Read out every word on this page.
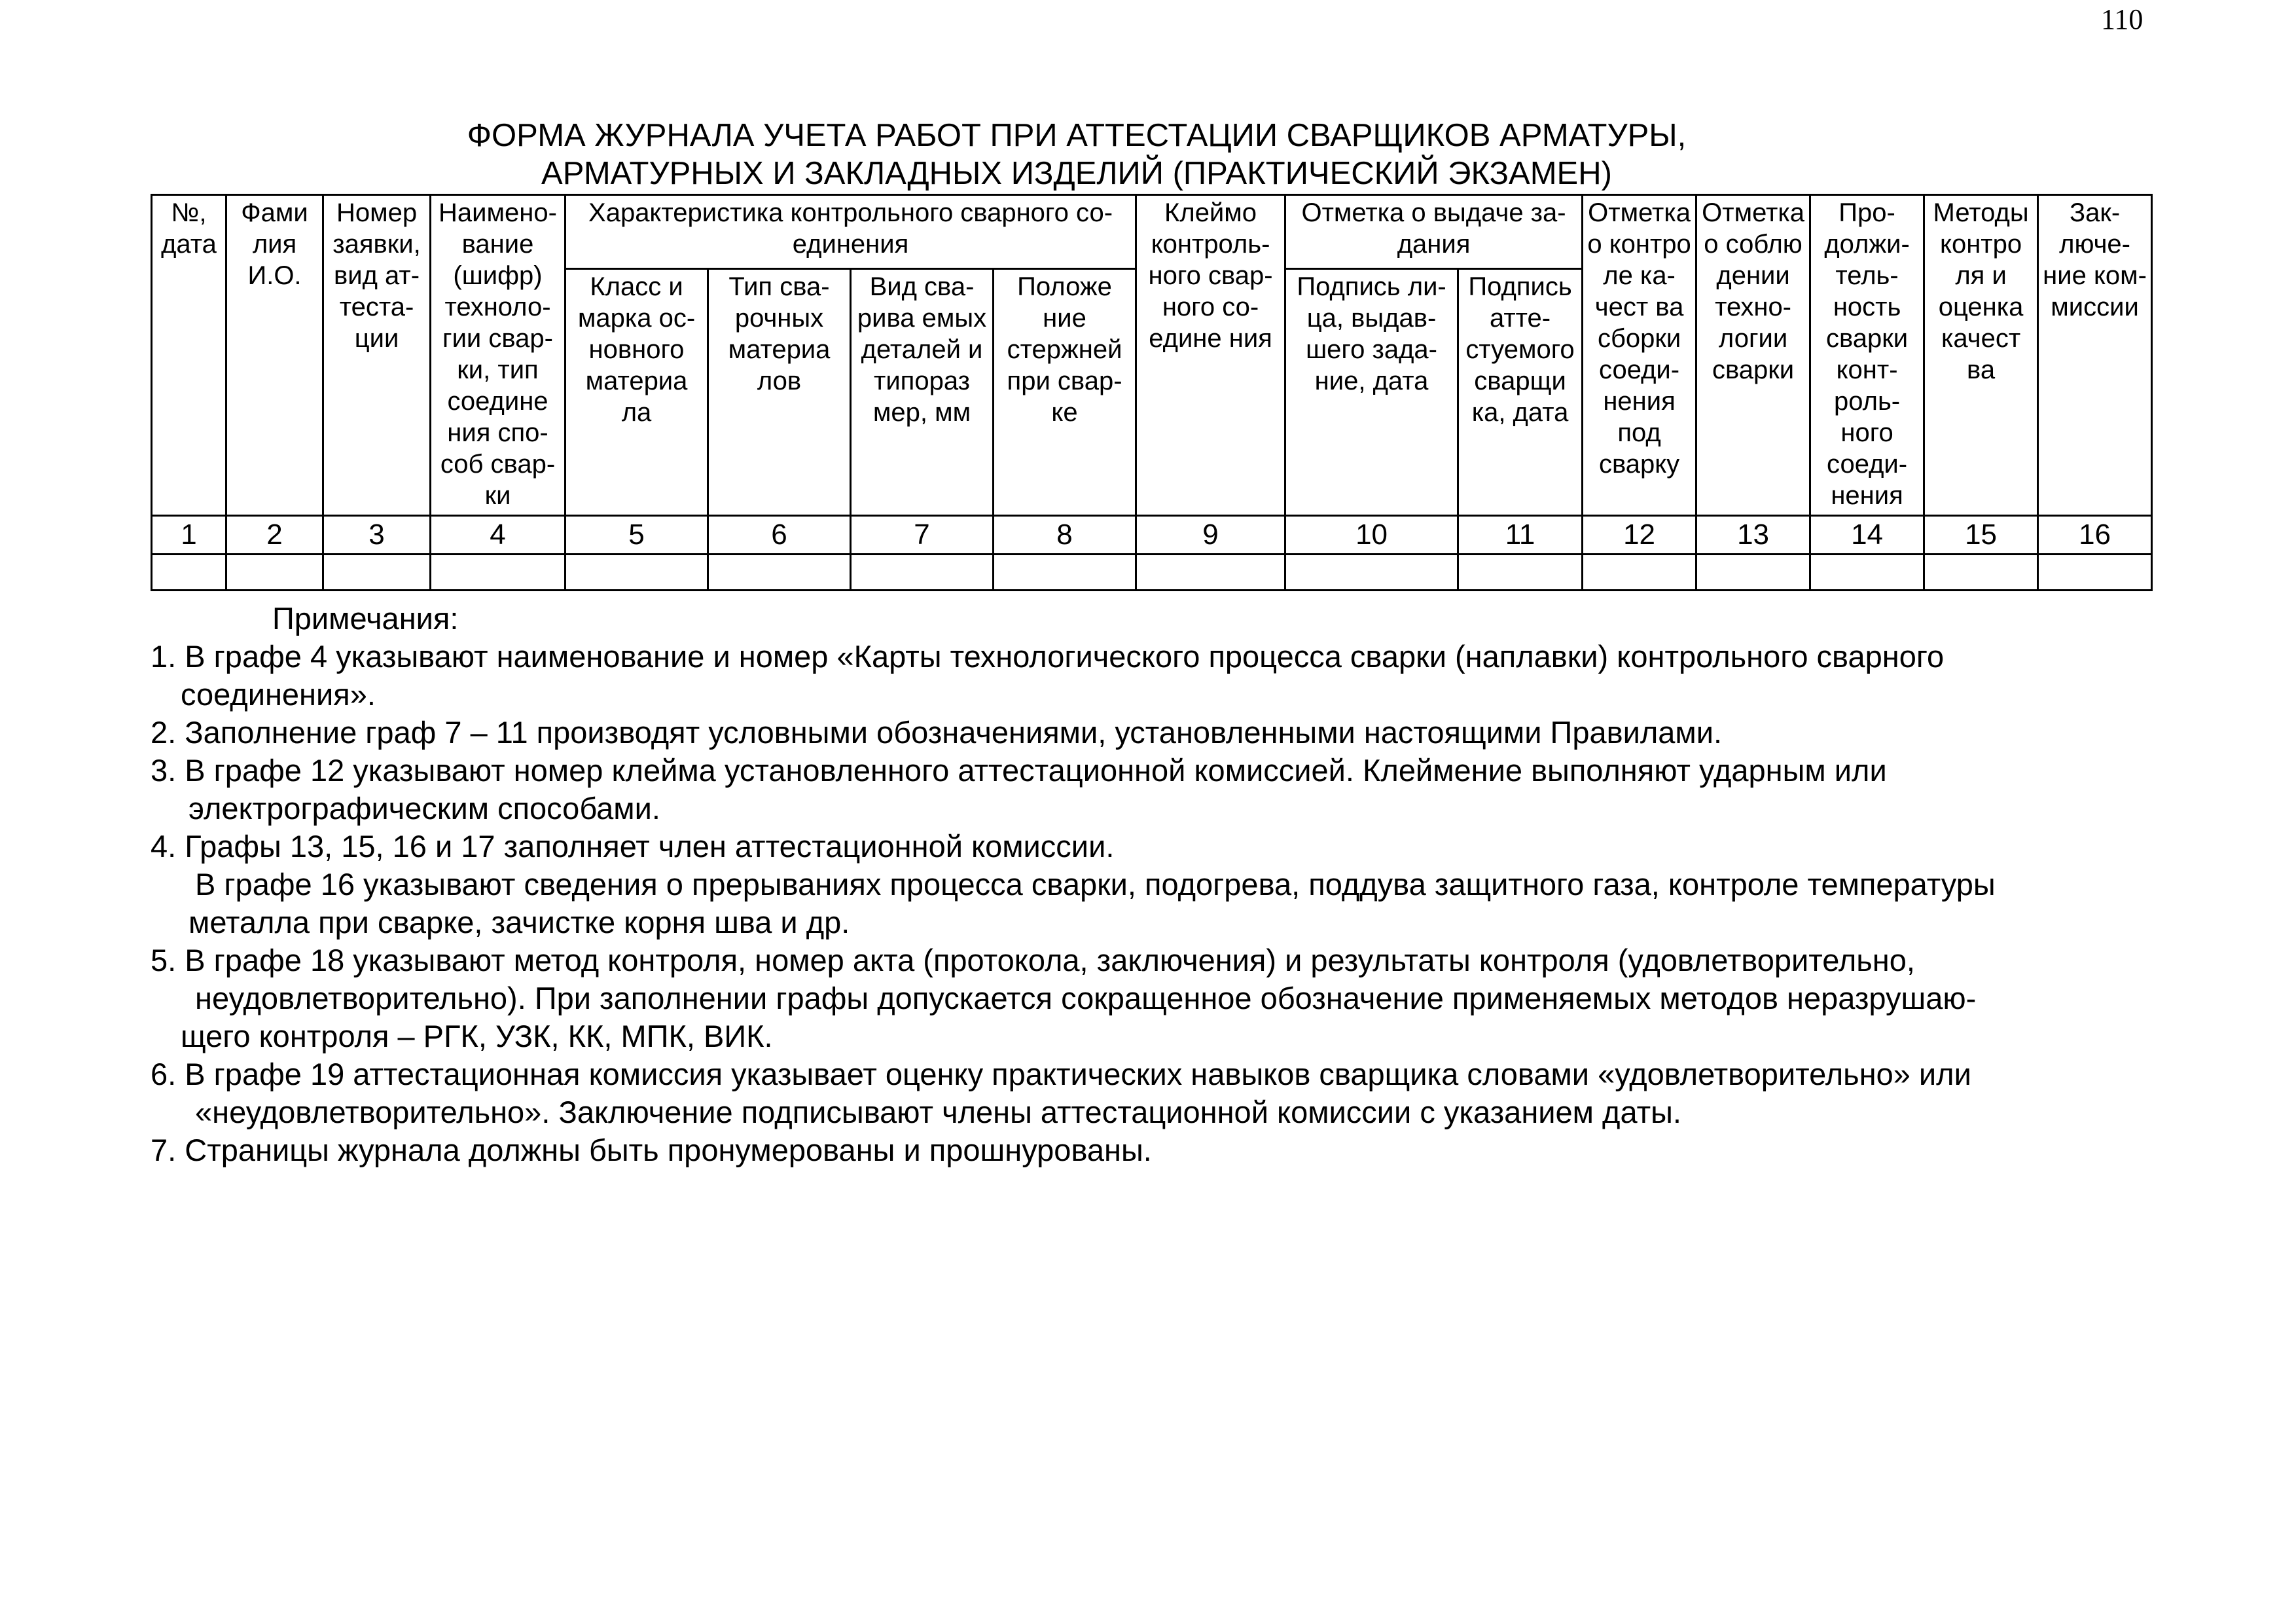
110
ФОРМА ЖУРНАЛА УЧЕТА РАБОТ ПРИ АТТЕСТАЦИИ СВАРЩИКОВ АРМАТУРЫ,
АРМАТУРНЫХ И ЗАКЛАДНЫХ ИЗДЕЛИЙ (ПРАКТИЧЕСКИЙ ЭКЗАМЕН)
№, дата	Фами лия И.О.	Номер заявки, вид ат-теста-ции	Наимено-вание (шифр) техноло-гии свар-ки, тип соедине ния спо-соб свар-ки	Характеристика контрольного сварного со-единения				Клеймо контроль-ного свар-ного со-едине ния	Отметка о выдаче за-дания		Отметка о контро ле ка-чест ва сборки соеди-нения под сварку	Отметка о соблю дении техно-логии сварки	Про-должи-тель-ность сварки конт-роль-ного соеди-нения	Методы контро ля и оценка качест ва	Зак-люче-ние ком-миссии
				Класс и марка ос-новного материа ла	Тип сва-рочных материа лов	Вид сва-рива емых деталей и типораз мер, мм	Положе ние стержней при свар-ке		Подпись ли-ца, выдав-шего зада-ние, дата	Подпись атте-стуемого сварщи ка, дата					
1	2	3	4	5	6	7	8	9	10	11	12	13	14	15	16

Примечания:
1. В графе 4 указывают наименование и номер «Карты технологического процесса сварки (наплавки) контрольного сварного
соединения».
2. Заполнение граф 7 – 11 производят условными обозначениями, установленными настоящими Правилами.
3. В графе 12 указывают номер клейма установленного аттестационной комиссией. Клеймение выполняют ударным или
электрографическим способами.
4. Графы 13, 15, 16 и 17 заполняет член аттестационной комиссии.
В графе 16 указывают сведения о прерываниях процесса сварки, подогрева, поддува защитного газа, контроле температуры
металла при сварке, зачистке корня шва и др.
5. В графе 18 указывают метод контроля, номер акта (протокола, заключения) и результаты контроля (удовлетворительно,
неудовлетворительно). При заполнении графы допускается сокращенное обозначение применяемых методов неразрушаю-
щего контроля – РГК, УЗК, КК, МПК, ВИК.
6. В графе 19 аттестационная комиссия указывает оценку практических навыков сварщика словами «удовлетворительно» или
«неудовлетворительно». Заключение подписывают члены аттестационной комиссии с указанием даты.
7. Страницы журнала должны быть пронумерованы и прошнурованы.
